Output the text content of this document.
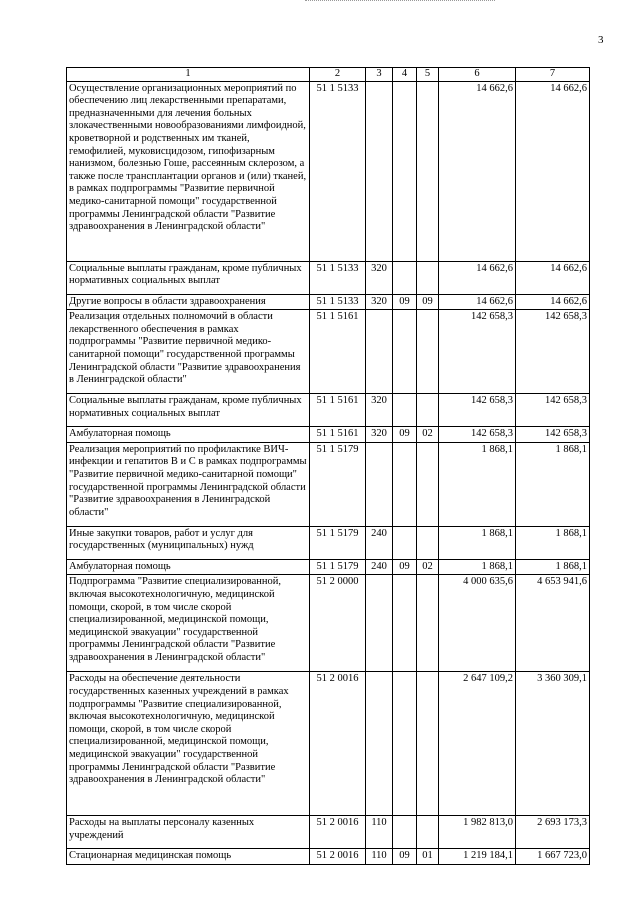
3
1	2	3	4	5	6	7
Осуществление организационных мероприятий по обеспечению лиц лекарственными препаратами, предназначенными для лечения больных злокачественными новообразованиями лимфоидной, кроветворной и родственных им тканей, гемофилией, муковисцидозом, гипофизарным нанизмом, болезнью Гоше, рассеянным склерозом, а также после трансплантации органов и (или) тканей, в рамках подпрограммы "Развитие первичной медико-санитарной помощи" государственной программы Ленинградской области "Развитие здравоохранения в Ленинградской области"	51 1 5133				14 662,6	14 662,6
Социальные выплаты гражданам, кроме публичных нормативных социальных выплат	51 1 5133	320			14 662,6	14 662,6
Другие вопросы в области здравоохранения	51 1 5133	320	09	09	14 662,6	14 662,6
Реализация отдельных полномочий в области лекарственного обеспечения в рамках подпрограммы "Развитие первичной медико-санитарной помощи" государственной программы Ленинградской области "Развитие здравоохранения в Ленинградской области"	51 1 5161				142 658,3	142 658,3
Социальные выплаты гражданам, кроме публичных нормативных социальных выплат	51 1 5161	320			142 658,3	142 658,3
Амбулаторная помощь	51 1 5161	320	09	02	142 658,3	142 658,3
Реализация мероприятий по профилактике ВИЧ-инфекции и гепатитов B и C в рамках подпрограммы "Развитие первичной медико-санитарной помощи" государственной программы Ленинградской области "Развитие здравоохранения в Ленинградской области"	51 1 5179				1 868,1	1 868,1
Иные закупки товаров, работ и услуг для государственных (муниципальных) нужд	51 1 5179	240			1 868,1	1 868,1
Амбулаторная помощь	51 1 5179	240	09	02	1 868,1	1 868,1
Подпрограмма "Развитие специализированной, включая высокотехнологичную, медицинской помощи, скорой, в том числе скорой специализированной, медицинской помощи, медицинской эвакуации" государственной программы Ленинградской области "Развитие здравоохранения в Ленинградской области"	51 2 0000				4 000 635,6	4 653 941,6
Расходы на обеспечение деятельности государственных казенных учреждений в рамках подпрограммы "Развитие специализированной, включая высокотехнологичную, медицинской помощи, скорой, в том числе скорой специализированной, медицинской помощи, медицинской эвакуации" государственной программы Ленинградской области "Развитие здравоохранения в Ленинградской области"	51 2 0016				2 647 109,2	3 360 309,1
Расходы на выплаты персоналу казенных учреждений	51 2 0016	110			1 982 813,0	2 693 173,3
Стационарная медицинская помощь	51 2 0016	110	09	01	1 219 184,1	1 667 723,0
